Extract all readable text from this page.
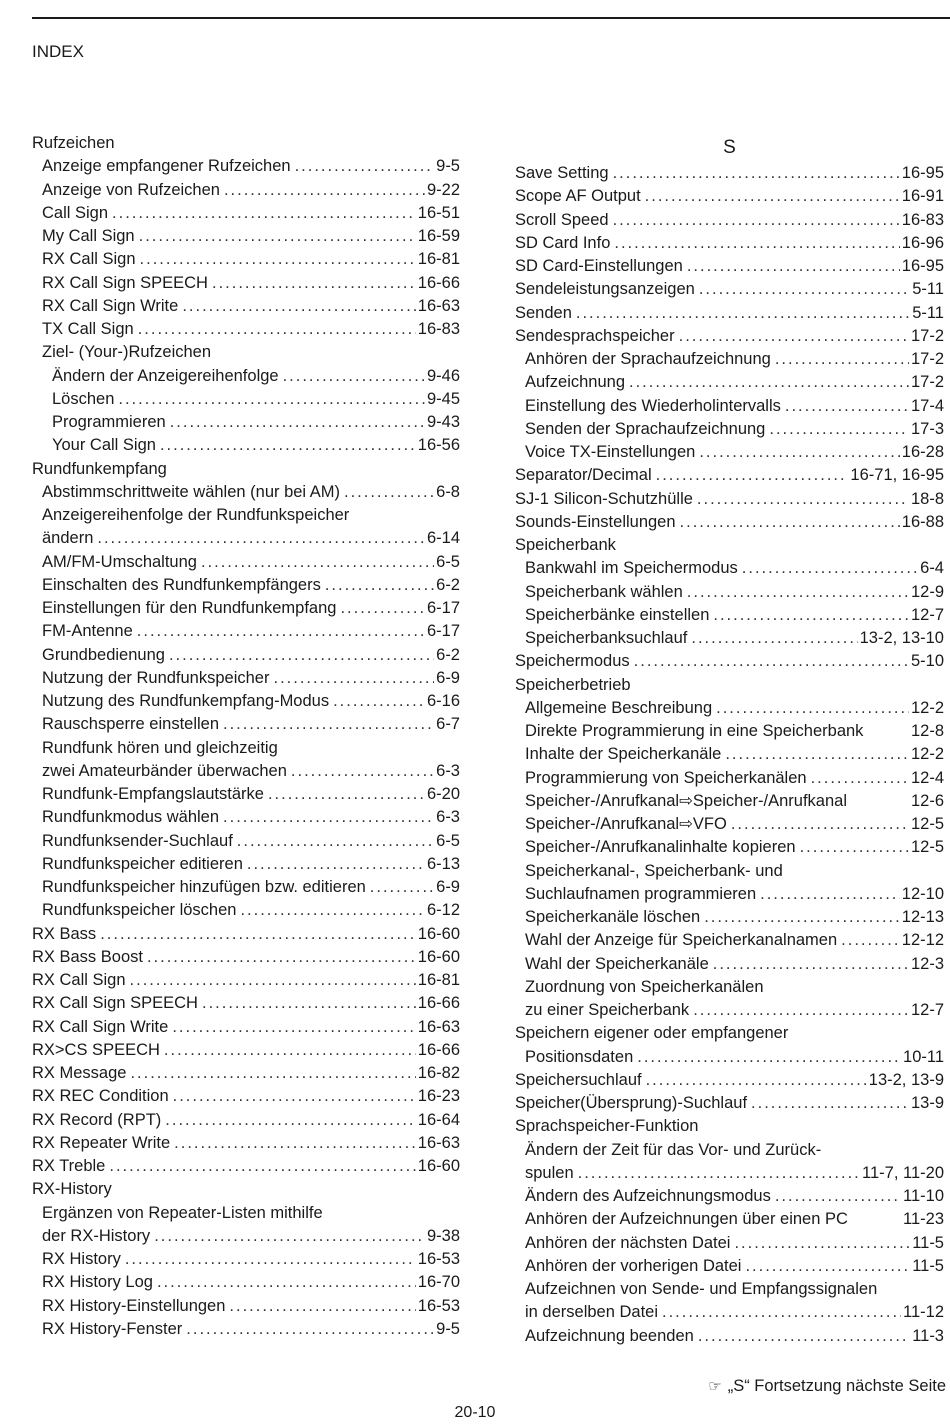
INDEX
Rufzeichen
Anzeige empfangener Rufzeichen .....	9-5
Anzeige von Rufzeichen .....	9-22
Call Sign .....	16-51
My Call Sign .....	16-59
RX Call Sign .....	16-81
RX Call Sign SPEECH .....	16-66
RX Call Sign Write .....	16-63
TX Call Sign .....	16-83
Ziel- (Your-)Rufzeichen
Ändern der Anzeigereihenfolge .....	9-46
Löschen .....	9-45
Programmieren .....	9-43
Your Call Sign .....	16-56
Rundfunkempfang
Abstimmschrittweite wählen (nur bei AM) .....	6-8
Anzeigereihenfolge der Rundfunkspeicher
ändern .....	6-14
AM/FM-Umschaltung .....	6-5
Einschalten des Rundfunkempfängers .....	6-2
Einstellungen für den Rundfunkempfang .....	6-17
FM-Antenne .....	6-17
Grundbedienung .....	6-2
Nutzung der Rundfunkspeicher .....	6-9
Nutzung des Rundfunkempfang-Modus .....	6-16
Rauschsperre einstellen .....	6-7
Rundfunk hören und gleichzeitig
zwei Amateurbänder überwachen .....	6-3
Rundfunk-Empfangslautstärke .....	6-20
Rundfunkmodus wählen .....	6-3
Rundfunksender-Suchlauf .....	6-5
Rundfunkspeicher editieren .....	6-13
Rundfunkspeicher hinzufügen bzw. editieren .....	6-9
Rundfunkspeicher löschen .....	6-12
RX Bass .....	16-60
RX Bass Boost .....	16-60
RX Call Sign .....	16-81
RX Call Sign SPEECH .....	16-66
RX Call Sign Write .....	16-63
RX>CS SPEECH .....	16-66
RX Message .....	16-82
RX REC Condition .....	16-23
RX Record (RPT) .....	16-64
RX Repeater Write .....	16-63
RX Treble .....	16-60
RX-History
Ergänzen von Repeater-Listen mithilfe
der RX-History .....	9-38
RX History .....	16-53
RX History Log .....	16-70
RX History-Einstellungen .....	16-53
RX History-Fenster .....	9-5
S
Save Setting .....	16-95
Scope AF Output .....	16-91
Scroll Speed .....	16-83
SD Card Info .....	16-96
SD Card-Einstellungen .....	16-95
Sendeleistungsanzeigen .....	5-11
Senden .....	5-11
Sendesprachspeicher .....	17-2
Anhören der Sprachaufzeichnung .....	17-2
Aufzeichnung .....	17-2
Einstellung des Wiederholintervalls .....	17-4
Senden der Sprachaufzeichnung .....	17-3
Voice TX-Einstellungen .....	16-28
Separator/Decimal .....	16-71, 16-95
SJ-1 Silicon-Schutzhülle .....	18-8
Sounds-Einstellungen .....	16-88
Speicherbank
Bankwahl im Speichermodus .....	6-4
Speicherbank wählen .....	12-9
Speicherbänke einstellen .....	12-7
Speicherbanksuchlauf .....	13-2, 13-10
Speichermodus .....	5-10
Speicherbetrieb
Allgemeine Beschreibung .....	12-2
Direkte Programmierung in eine Speicherbank	12-8
Inhalte der Speicherkanäle .....	12-2
Programmierung von Speicherkanälen .....	12-4
Speicher-/Anrufkanal⇨Speicher-/Anrufkanal	12-6
Speicher-/Anrufkanal⇨VFO .....	12-5
Speicher-/Anrufkanalinhalte kopieren .....	12-5
Speicherkanal-, Speicherbank- und
Suchlaufnamen programmieren .....	12-10
Speicherkanäle löschen .....	12-13
Wahl der Anzeige für Speicherkanalnamen .....	12-12
Wahl der Speicherkanäle .....	12-3
Zuordnung von Speicherkanälen
zu einer Speicherbank .....	12-7
Speichern eigener oder empfangener
Positionsdaten .....	10-11
Speichersuchlauf .....	13-2, 13-9
Speicher(Übersprung)-Suchlauf .....	13-9
Sprachspeicher-Funktion
Ändern der Zeit für das Vor- und Zurück-
spulen .....	11-7, 11-20
Ändern des Aufzeichnungsmodus .....	11-10
Anhören der Aufzeichnungen über einen PC	11-23
Anhören der nächsten Datei .....	11-5
Anhören der vorherigen Datei .....	11-5
Aufzeichnen von Sende- und Empfangssignalen
in derselben Datei .....	11-12
Aufzeichnung beenden .....	11-3
☞ „S“ Fortsetzung nächste Seite
20-10
